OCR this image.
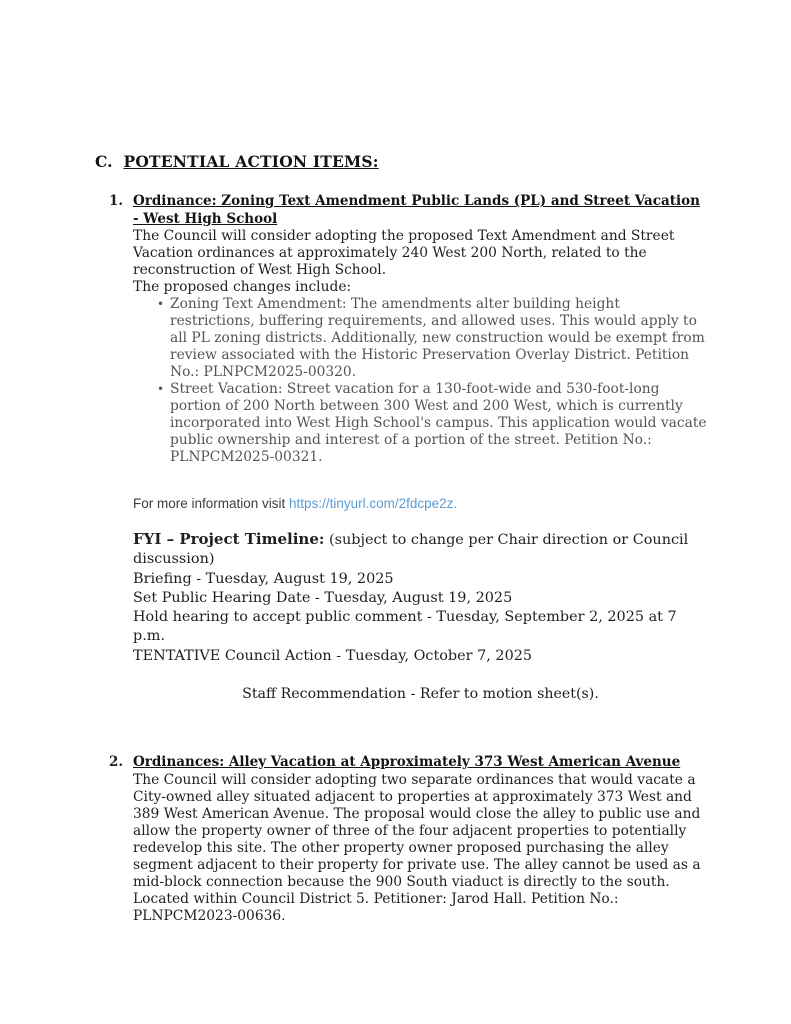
C. POTENTIAL ACTION ITEMS:
1. Ordinance: Zoning Text Amendment Public Lands (PL) and Street Vacation - West High School

The Council will consider adopting the proposed Text Amendment and Street Vacation ordinances at approximately 240 West 200 North, related to the reconstruction of West High School.

The proposed changes include:

• Zoning Text Amendment: The amendments alter building height restrictions, buffering requirements, and allowed uses. This would apply to all PL zoning districts. Additionally, new construction would be exempt from review associated with the Historic Preservation Overlay District. Petition No.: PLNPCM2025-00320.
• Street Vacation: Street vacation for a 130-foot-wide and 530-foot-long portion of 200 North between 300 West and 200 West, which is currently incorporated into West High School's campus. This application would vacate public ownership and interest of a portion of the street. Petition No.: PLNPCM2025-00321.

For more information visit https://tinyurl.com/2fdcpe2z.

FYI – Project Timeline: (subject to change per Chair direction or Council discussion)
Briefing - Tuesday, August 19, 2025
Set Public Hearing Date - Tuesday, August 19, 2025
Hold hearing to accept public comment - Tuesday, September 2, 2025 at 7 p.m.
TENTATIVE Council Action - Tuesday, October 7, 2025

Staff Recommendation - Refer to motion sheet(s).

2. Ordinances: Alley Vacation at Approximately 373 West American Avenue

The Council will consider adopting two separate ordinances that would vacate a City-owned alley situated adjacent to properties at approximately 373 West and 389 West American Avenue. The proposal would close the alley to public use and allow the property owner of three of the four adjacent properties to potentially redevelop this site. The other property owner proposed purchasing the alley segment adjacent to their property for private use. The alley cannot be used as a mid-block connection because the 900 South viaduct is directly to the south. Located within Council District 5. Petitioner: Jarod Hall. Petition No.: PLNPCM2023-00636.
